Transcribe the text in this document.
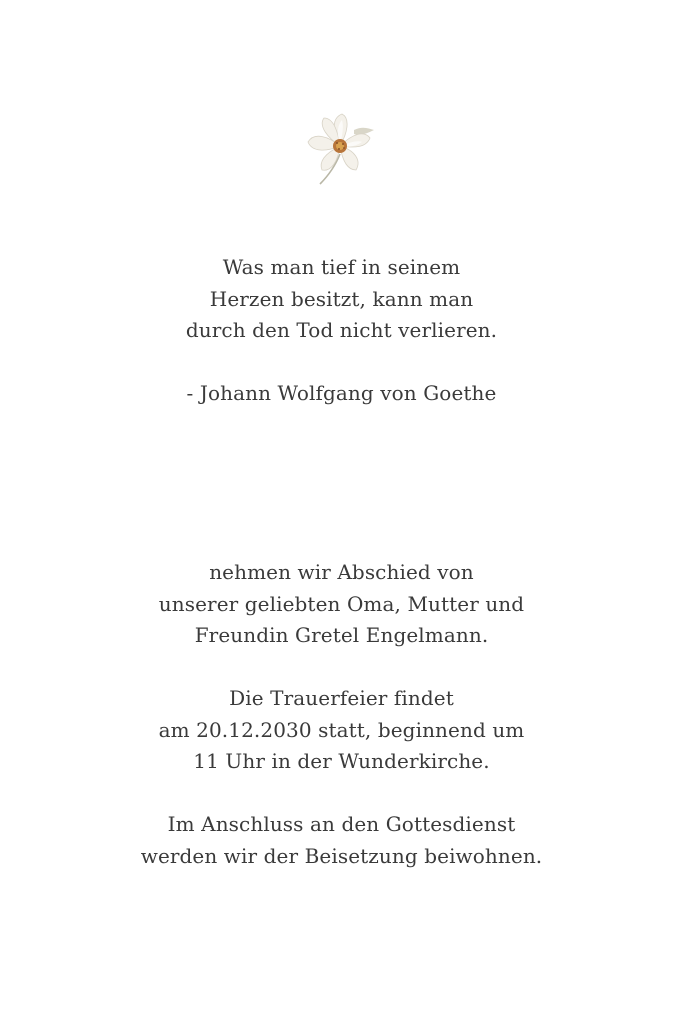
Was man tief in seinem
Herzen besitzt, kann man
durch den Tod nicht verlieren.
- Johann Wolfgang von Goethe
nehmen wir Abschied von
unserer geliebten Oma, Mutter und
Freundin Gretel Engelmann.
Die Trauerfeier findet
am 20.12.2030 statt, beginnend um
11 Uhr in der Wunderkirche.
Im Anschluss an den Gottesdienst
werden wir der Beisetzung beiwohnen.
